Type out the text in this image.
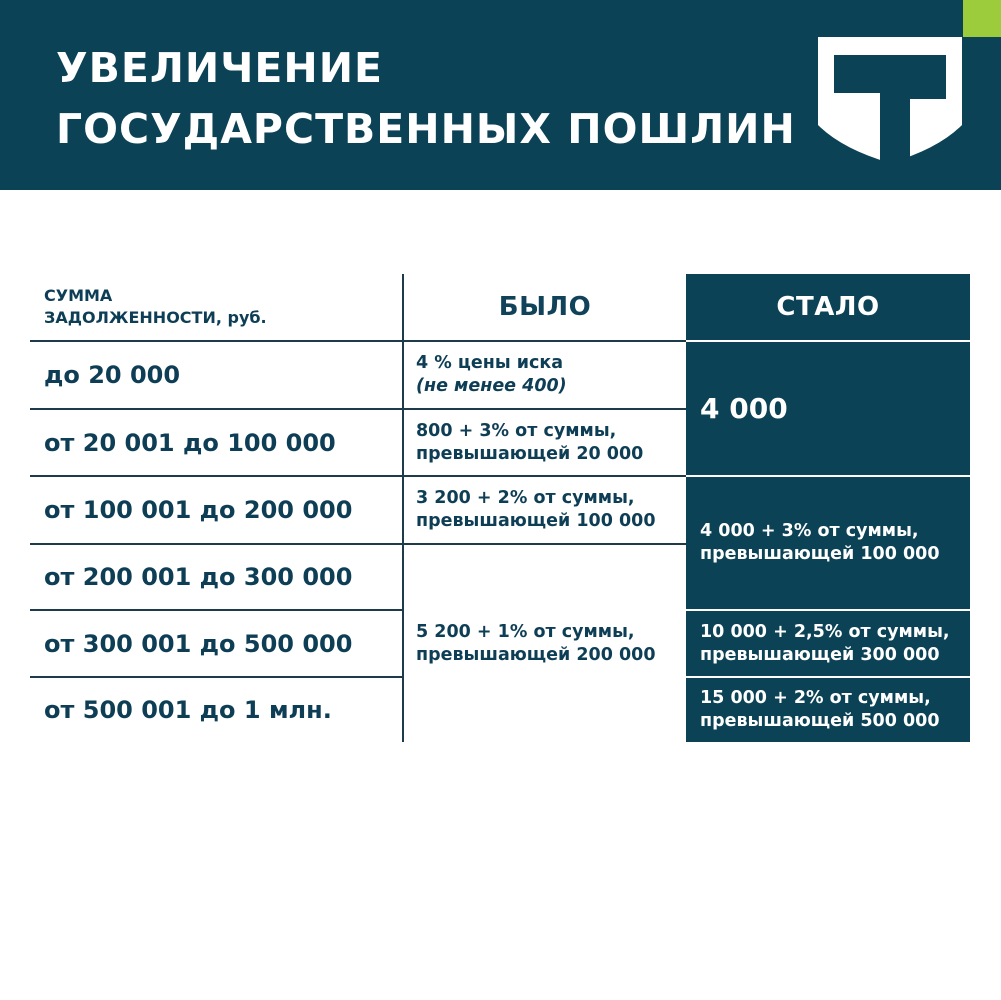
УВЕЛИЧЕНИЕ
ГОСУДАРСТВЕННЫХ ПОШЛИН
СУММА
ЗАДОЛЖЕННОСТИ, руб.	БЫЛО	СТАЛО
до 20 000
от 20 001 до 100 000
от 100 001 до 200 000
от 200 001 до 300 000
от 300 001 до 500 000
от 500 001 до 1 млн.
4 % цены иска
(не менее 400)
800 + 3% от суммы,
превышающей 20 000
3 200 + 2% от суммы,
превышающей 100 000
5 200 + 1% от суммы,
превышающей 200 000
4 000
4 000 + 3% от суммы,
превышающей 100 000
10 000 + 2,5% от суммы,
превышающей 300 000
15 000 + 2% от суммы,
превышающей 500 000
